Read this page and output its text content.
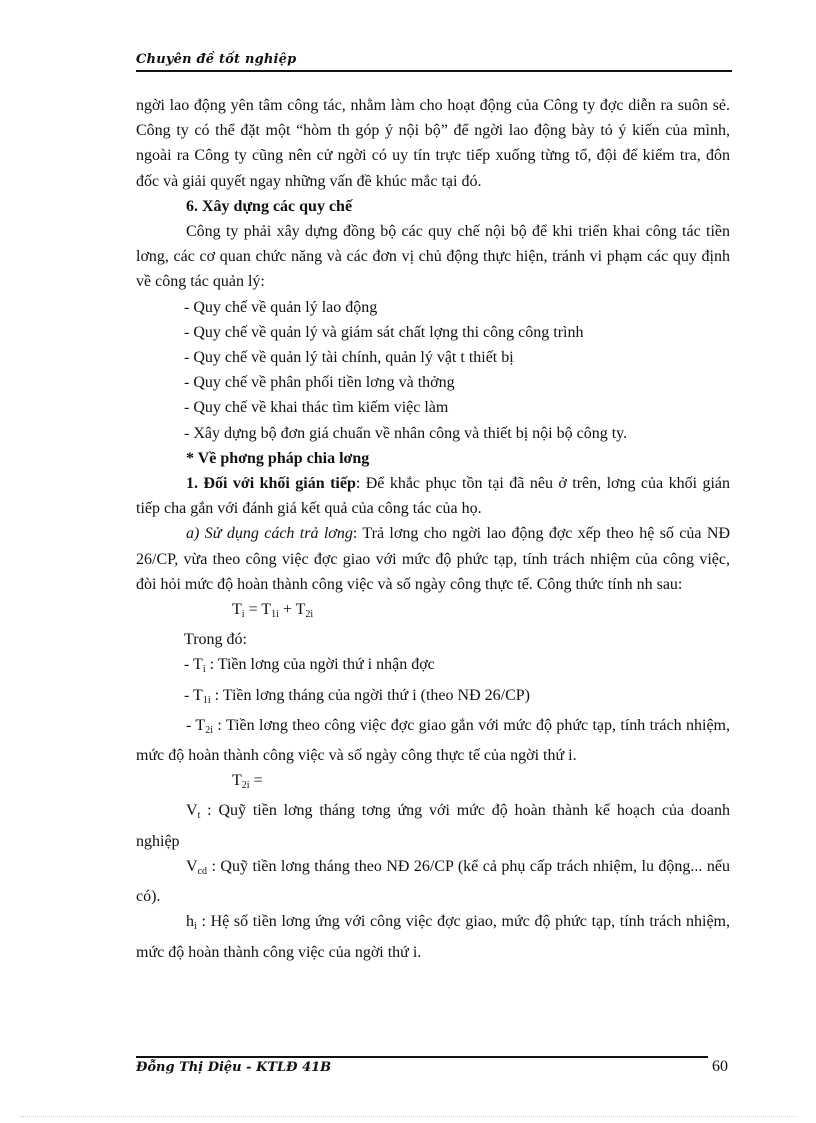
Chuyên đề tốt nghiệp

ngời lao động yên tâm công tác, nhằm làm cho hoạt động của Công ty đợc diễn ra suôn sẻ. Công ty có thể đặt một “hòm th góp ý nội bộ” để ngời lao động bày tỏ ý kiến của mình, ngoài ra Công ty cũng nên cử ngời có uy tín trực tiếp xuống từng tổ, đội để kiểm tra, đôn đốc và giải quyết ngay những vấn đề khúc mắc tại đó.

6. Xây dựng các quy chế

Công ty phải xây dựng đồng bộ các quy chế nội bộ để khi triển khai công tác tiền lơng, các cơ quan chức năng và các đơn vị chủ động thực hiện, tránh vi phạm các quy định về công tác quản lý:

- Quy chế về quản lý lao động

- Quy chế về quản lý và giám sát chất lợng thi công công trình

- Quy chế về quản lý tài chính, quản lý vật t thiết bị

- Quy chế về phân phối tiền lơng và thởng

- Quy chế về khai thác tìm kiếm việc làm

- Xây dựng bộ đơn giá chuẩn về nhân công và thiết bị nội bộ công ty.

* Về phơng pháp chia lơng

1. Đối với khối gián tiếp: Để khắc phục tồn tại đã nêu ở trên, lơng của khối gián tiếp cha gắn với đánh giá kết quả của công tác của họ.

a) Sử dụng cách trả lơng: Trả lơng cho ngời lao động đợc xếp theo hệ số của NĐ 26/CP, vừa theo công việc đợc giao với mức độ phức tạp, tính trách nhiệm của công việc, đòi hỏi mức độ hoàn thành công việc và số ngày công thực tế. Công thức tính nh sau:

$T_i = T_{1i} + T_{2i}$

Trong đó:

- $T_i$ : Tiền lơng của ngời thứ i nhận đợc

- $T_{1i}$ : Tiền lơng tháng của ngời thứ i (theo NĐ 26/CP)

- $T_{2i}$ : Tiền lơng theo công việc đợc giao gắn với mức độ phức tạp, tính trách nhiệm, mức độ hoàn thành công việc và số ngày công thực tế của ngời thứ i.

$T_{2i}$ =

$V_t$ : Quỹ tiền lơng tháng tơng ứng với mức độ hoàn thành kế hoạch của doanh nghiệp

$V_{cd}$ : Quỹ tiền lơng tháng theo NĐ 26/CP (kể cả phụ cấp trách nhiệm, lu động... nếu có).

$h_i$ : Hệ số tiền lơng ứng với công việc đợc giao, mức độ phức tạp, tính trách nhiệm, mức độ hoàn thành công việc của ngời thứ i.

Đỗng Thị Diệu - KTLĐ 41B	60
